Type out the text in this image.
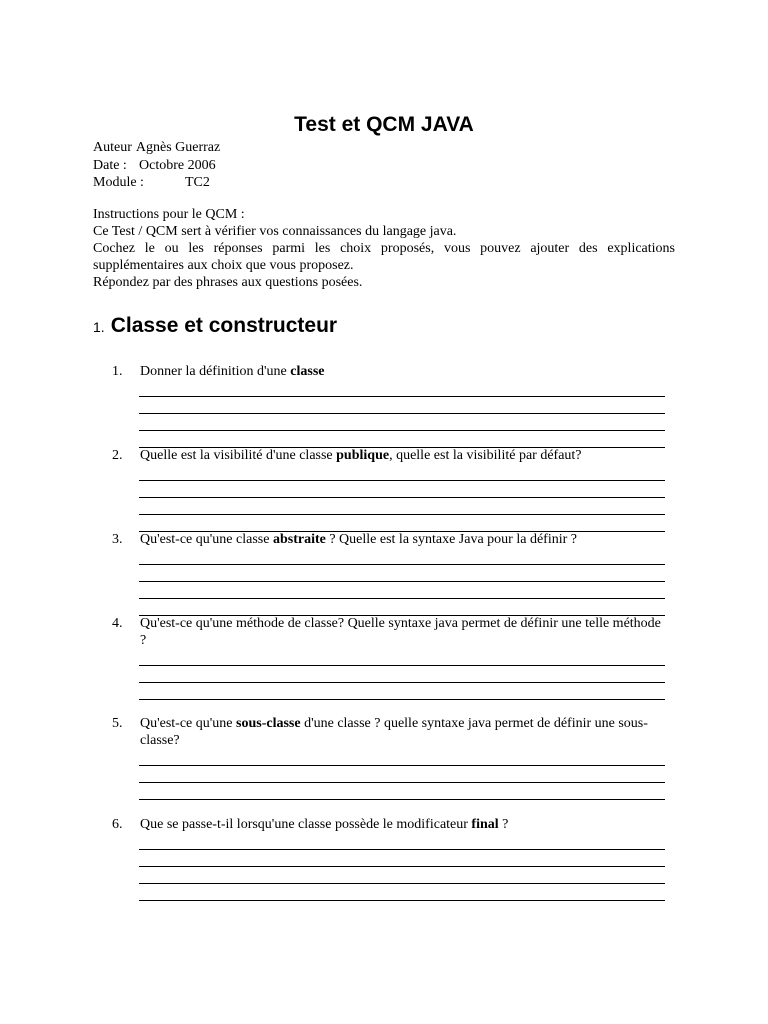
Test et QCM JAVA
Auteur Agnès Guerraz
Date : Octobre 2006
Module :	TC2

Instructions pour le QCM :

Ce Test / QCM sert à vérifier vos connaissances du langage java.

Cochez le ou les réponses parmi les choix proposés, vous pouvez ajouter des explications supplémentaires aux choix que vous proposez.

Répondez par des phrases aux questions posées.

1. Classe et constructeur
1. Donner la définition d'une classe
2. Quelle est la visibilité d'une classe publique, quelle est la visibilité par défaut?
3. Qu'est-ce qu'une classe abstraite ? Quelle est la syntaxe Java pour la définir ?
4. Qu'est-ce qu'une méthode de classe? Quelle syntaxe java permet de définir une telle méthode ?
5. Qu'est-ce qu'une sous-classe d'une classe ? quelle syntaxe java permet de définir une sous-classe?
6. Que se passe-t-il lorsqu'une classe possède le modificateur final ?
